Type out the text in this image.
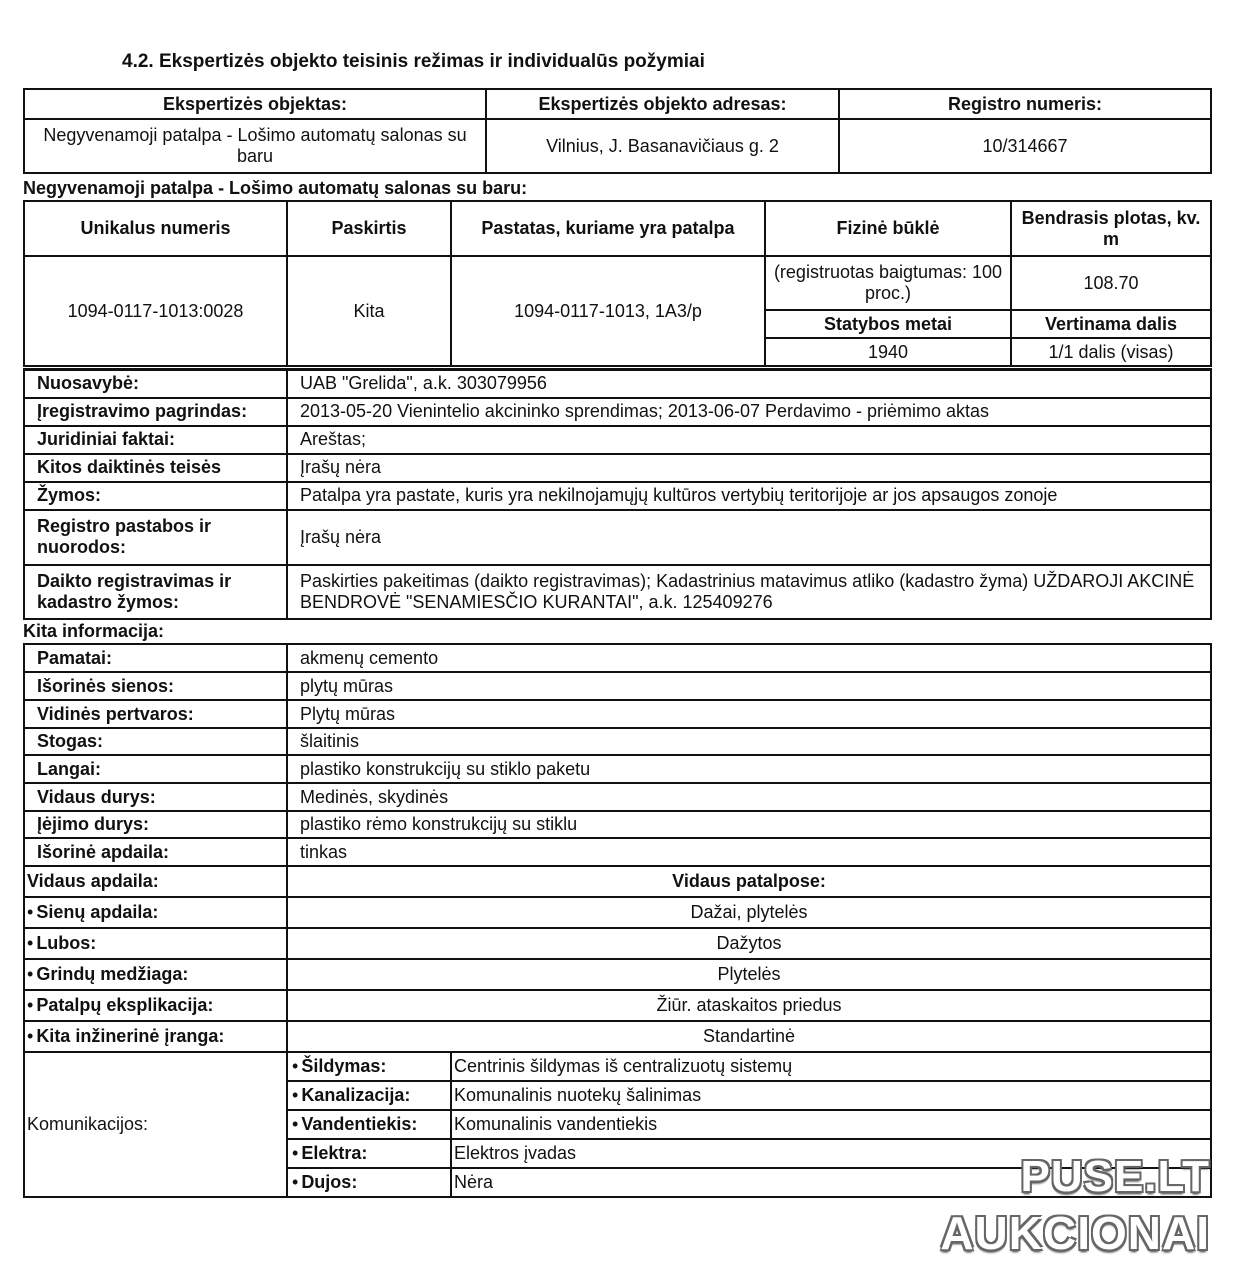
4.2. Ekspertizės objekto teisinis režimas ir individualūs požymiai
Ekspertizės objektas:	Ekspertizės objekto adresas:	Registro numeris:
Negyvenamoji patalpa - Lošimo automatų salonas su baru	Vilnius, J. Basanavičiaus g. 2	10/314667
Negyvenamoji patalpa - Lošimo automatų salonas su baru:
Unikalus numeris	Paskirtis	Pastatas, kuriame yra patalpa	Fizinė būklė	Bendrasis plotas, kv. m
1094-0117-1013:0028	Kita	1094-0117-1013, 1A3/p	(registruotas baigtumas: 100 proc.)	108.70
			Statybos metai	Vertinama dalis
			1940	1/1 dalis (visas)
Nuosavybė:	UAB "Grelida", a.k. 303079956
Įregistravimo pagrindas:	2013-05-20 Vienintelio akcininko sprendimas; 2013-06-07 Perdavimo - priėmimo aktas
Juridiniai faktai:	Areštas;
Kitos daiktinės teisės	Įrašų nėra
Žymos:	Patalpa yra pastate, kuris yra nekilnojamųjų kultūros vertybių teritorijoje ar jos apsaugos zonoje
Registro pastabos ir nuorodos:	Įrašų nėra
Daikto registravimas ir kadastro žymos:	Paskirties pakeitimas (daikto registravimas); Kadastrinius matavimus atliko (kadastro žyma) UŽDAROJI AKCINĖ BENDROVĖ "SENAMIESČIO KURANTAI", a.k. 125409276
Kita informacija:
Pamatai:	akmenų cemento	
Išorinės sienos:	plytų mūras	
Vidinės pertvaros:	Plytų mūras	
Stogas:	šlaitinis	
Langai:	plastiko konstrukcijų su stiklo paketu	
Vidaus durys:	Medinės, skydinės	
Įėjimo durys:	plastiko rėmo konstrukcijų su stiklu	
Išorinė apdaila:	tinkas	
Vidaus apdaila:	Vidaus patalpose:	
• Sienų apdaila:	Dažai, plytelės	
• Lubos:	Dažytos	
• Grindų medžiaga:	Plytelės	
• Patalpų eksplikacija:	Žiūr. ataskaitos priedus	
• Kita inžinerinė įranga:	Standartinė	
Komunikacijos:	• Šildymas:	Centrinis šildymas iš centralizuotų sistemų
	• Kanalizacija:	Komunalinis nuotekų šalinimas
	• Vandentiekis:	Komunalinis vandentiekis
	• Elektra:	Elektros įvadas
	• Dujos:	Nėra	PUSE.LT
AUKCIONAI
